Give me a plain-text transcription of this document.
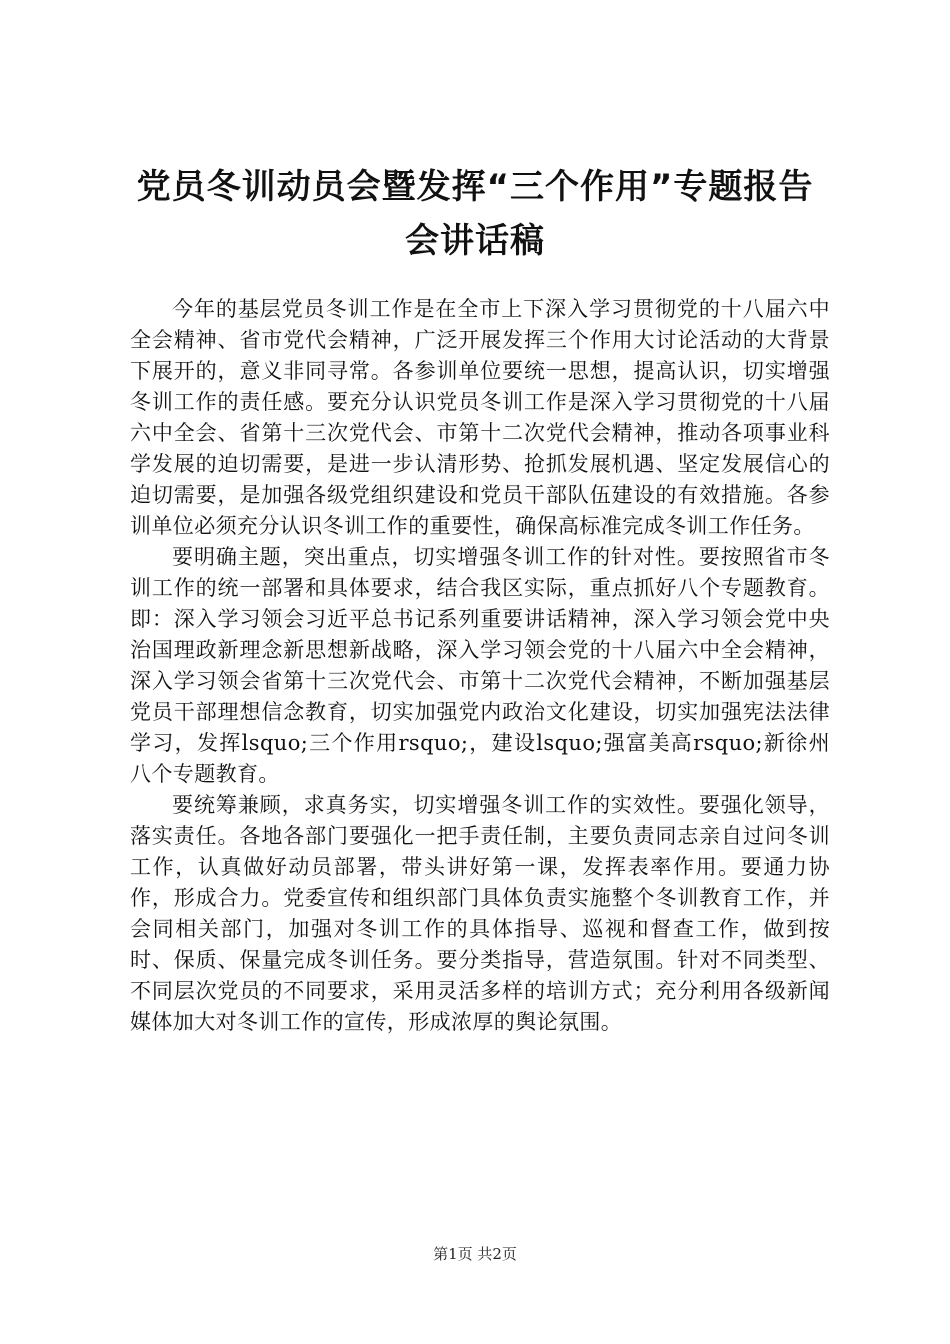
党员冬训动员会暨发挥“三个作用”专题报告
会讲话稿

今年的基层党员冬训工作是在全市上下深入学习贯彻党的十八届六中全会精神、省市党代会精神，广泛开展发挥三个作用大讨论活动的大背景下展开的，意义非同寻常。各参训单位要统一思想，提高认识，切实增强冬训工作的责任感。要充分认识党员冬训工作是深入学习贯彻党的十八届六中全会、省第十三次党代会、市第十二次党代会精神，推动各项事业科学发展的迫切需要，是进一步认清形势、抢抓发展机遇、坚定发展信心的迫切需要，是加强各级党组织建设和党员干部队伍建设的有效措施。各参训单位必须充分认识冬训工作的重要性，确保高标准完成冬训工作任务。

要明确主题，突出重点，切实增强冬训工作的针对性。要按照省市冬训工作的统一部署和具体要求，结合我区实际，重点抓好八个专题教育。即：深入学习领会习近平总书记系列重要讲话精神，深入学习领会党中央治国理政新理念新思想新战略，深入学习领会党的十八届六中全会精神，深入学习领会省第十三次党代会、市第十二次党代会精神，不断加强基层党员干部理想信念教育，切实加强党内政治文化建设，切实加强宪法法律学习，发挥lsquo;三个作用rsquo;，建设lsquo;强富美高rsquo;新徐州八个专题教育。

要统筹兼顾，求真务实，切实增强冬训工作的实效性。要强化领导，落实责任。各地各部门要强化一把手责任制，主要负责同志亲自过问冬训工作，认真做好动员部署，带头讲好第一课，发挥表率作用。要通力协作，形成合力。党委宣传和组织部门具体负责实施整个冬训教育工作，并会同相关部门，加强对冬训工作的具体指导、巡视和督查工作，做到按时、保质、保量完成冬训任务。要分类指导，营造氛围。针对不同类型、不同层次党员的不同要求，采用灵活多样的培训方式；充分利用各级新闻媒体加大对冬训工作的宣传，形成浓厚的舆论氛围。

第1页 共2页
